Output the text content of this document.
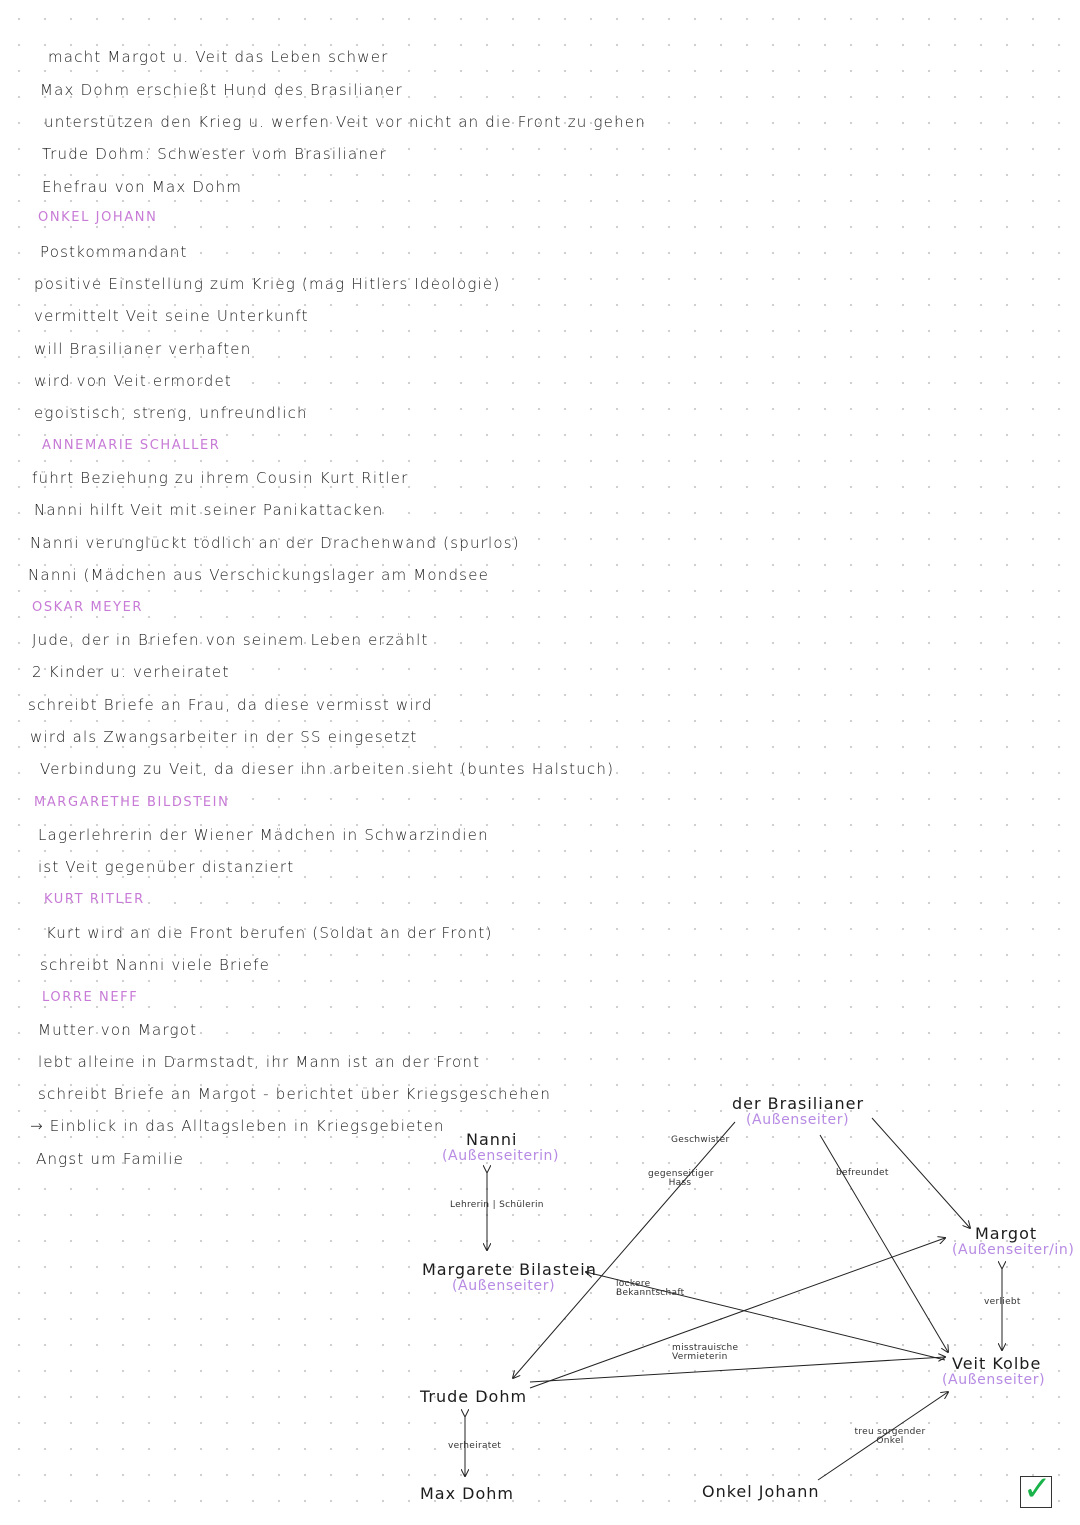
macht Margot u. Veit das Leben schwer
Max Dohm erschießt Hund des Brasilianer
unterstützen den Krieg u. werfen Veit vor nicht an die Front zu gehen
Trude Dohm: Schwester vom Brasilianer
Ehefrau von Max Dohm
ONKEL JOHANN
Postkommandant
positive Einstellung zum Krieg (mag Hitlers Ideologie)
vermittelt Veit seine Unterkunft
will Brasilianer verhaften
wird von Veit ermordet
egoistisch, streng, unfreundlich
ANNEMARIE SCHALLER
führt Beziehung zu ihrem Cousin Kurt Ritler
Nanni hilft Veit mit seiner Panikattacken
Nanni verunglückt tödlich an der Drachenwand (spurlos)
Nanni (Mädchen aus Verschickungslager am Mondsee
OSKAR MEYER
Jude, der in Briefen von seinem Leben erzählt
2 Kinder u. verheiratet
schreibt Briefe an Frau, da diese vermisst wird
wird als Zwangsarbeiter in der SS eingesetzt
Verbindung zu Veit, da dieser ihn arbeiten sieht (buntes Halstuch)
MARGARETHE BILDSTEIN
Lagerlehrerin der Wiener Mädchen in Schwarzindien
ist Veit gegenüber distanziert
KURT RITLER
Kurt wird an die Front berufen (Soldat an der Front)
schreibt Nanni viele Briefe
LORRE NEFF
Mutter von Margot
lebt alleine in Darmstadt, ihr Mann ist an der Front
schreibt Briefe an Margot - berichtet über Kriegsgeschehen
→ Einblick in das Alltagsleben in Kriegsgebieten
Angst um Familie
der Brasilianer
(Außenseiter)
Nanni
(Außenseiterin)
Margot
(Außenseiter/in)
Margarete Bilastein
(Außenseiter)
Veit Kolbe
(Außenseiter)
Trude Dohm
Max Dohm	Onkel Johann
Geschwister
gegenseitiger Hass
befreundet
Lehrerin | Schülerin
verliebt
lockere Bekanntschaft
misstrauische Vermieterin
verheiratet
treu sorgender Onkel
✓
